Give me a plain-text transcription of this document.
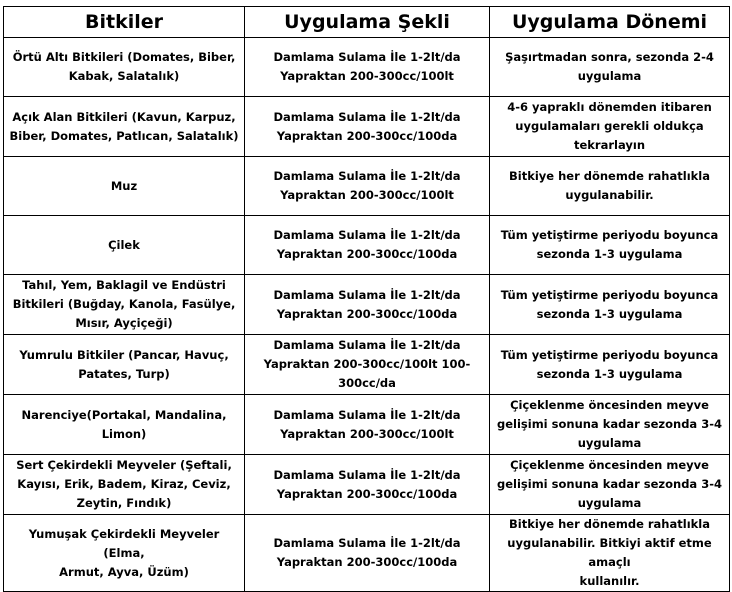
Bitkiler	Uygulama Şekli	Uygulama Dönemi

Örtü Altı Bitkileri (Domates, Biber,
Kabak, Salatalık)	Damlama Sulama İle 1-2lt/da
Yapraktan 200-300cc/100lt	Şaşırtmadan sonra, sezonda 2-4
uygulama

Açık Alan Bitkileri (Kavun, Karpuz,
Biber, Domates, Patlıcan, Salatalık)	Damlama Sulama İle 1-2lt/da
Yapraktan 200-300cc/100da	4-6 yapraklı dönemden itibaren
uygulamaları gerekli oldukça
tekrarlayın

Muz	Damlama Sulama İle 1-2lt/da
Yapraktan 200-300cc/100lt	Bitkiye her dönemde rahatlıkla
uygulanabilir.

Çilek	Damlama Sulama İle 1-2lt/da
Yapraktan 200-300cc/100da	Tüm yetiştirme periyodu boyunca
sezonda 1-3 uygulama

Tahıl, Yem, Baklagil ve Endüstri
Bitkileri (Buğday, Kanola, Fasülye,
Mısır, Ayçiçeği)	Damlama Sulama İle 1-2lt/da
Yapraktan 200-300cc/100da	Tüm yetiştirme periyodu boyunca
sezonda 1-3 uygulama

Yumrulu Bitkiler (Pancar, Havuç,
Patates, Turp)	Damlama Sulama İle 1-2lt/da
Yapraktan 200-300cc/100lt 100-
300cc/da	Tüm yetiştirme periyodu boyunca
sezonda 1-3 uygulama

Narenciye(Portakal, Mandalina,
Limon)	Damlama Sulama İle 1-2lt/da
Yapraktan 200-300cc/100lt	Çiçeklenme öncesinden meyve
gelişimi sonuna kadar sezonda 3-4
uygulama

Sert Çekirdekli Meyveler (Şeftali,
Kayısı, Erik, Badem, Kiraz, Ceviz,
Zeytin, Fındık)	Damlama Sulama İle 1-2lt/da
Yapraktan 200-300cc/100da	Çiçeklenme öncesinden meyve
gelişimi sonuna kadar sezonda 3-4
uygulama

Yumuşak Çekirdekli Meyveler (Elma,
Armut, Ayva, Üzüm)	Damlama Sulama İle 1-2lt/da
Yapraktan 200-300cc/100da	Bitkiye her dönemde rahatlıkla
uygulanabilir. Bitkiyi aktif etme amaçlı
kullanılır.
